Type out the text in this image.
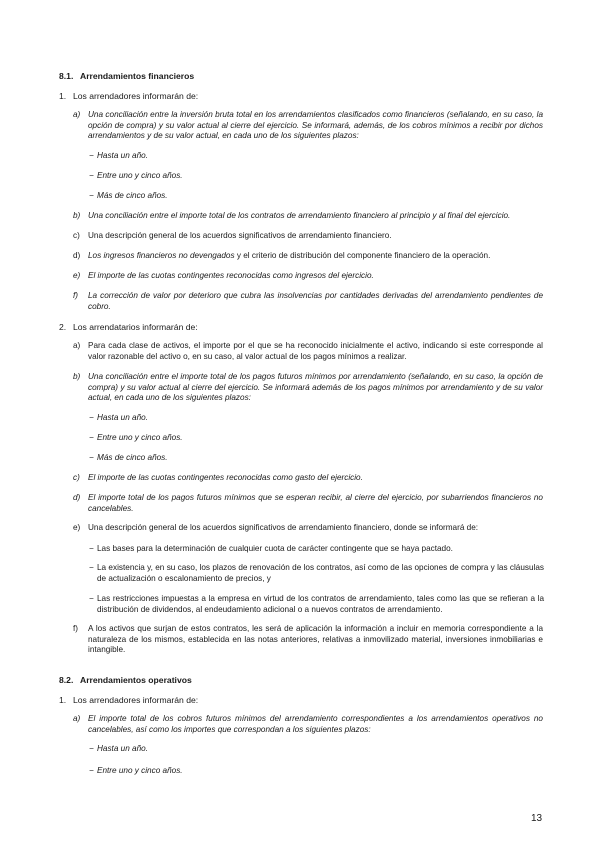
8.1. Arrendamientos financieros
1. Los arrendadores informarán de:
a) Una conciliación entre la inversión bruta total en los arrendamientos clasificados como financieros (señalando, en su caso, la opción de compra) y su valor actual al cierre del ejercicio. Se informará, además, de los cobros mínimos a recibir por dichos arrendamientos y de su valor actual, en cada uno de los siguientes plazos:
− Hasta un año.
− Entre uno y cinco años.
− Más de cinco años.
b) Una conciliación entre el importe total de los contratos de arrendamiento financiero al principio y al final del ejercicio.
c) Una descripción general de los acuerdos significativos de arrendamiento financiero.
d) Los ingresos financieros no devengados y el criterio de distribución del componente financiero de la operación.
e) El importe de las cuotas contingentes reconocidas como ingresos del ejercicio.
f) La corrección de valor por deterioro que cubra las insolvencias por cantidades derivadas del arrendamiento pendientes de cobro.
2. Los arrendatarios informarán de:
a) Para cada clase de activos, el importe por el que se ha reconocido inicialmente el activo, indicando si este corresponde al valor razonable del activo o, en su caso, al valor actual de los pagos mínimos a realizar.
b) Una conciliación entre el importe total de los pagos futuros mínimos por arrendamiento (señalando, en su caso, la opción de compra) y su valor actual al cierre del ejercicio. Se informará además de los pagos mínimos por arrendamiento y de su valor actual, en cada uno de los siguientes plazos:
− Hasta un año.
− Entre uno y cinco años.
− Más de cinco años.
c) El importe de las cuotas contingentes reconocidas como gasto del ejercicio.
d) El importe total de los pagos futuros mínimos que se esperan recibir, al cierre del ejercicio, por subarriendos financieros no cancelables.
e) Una descripción general de los acuerdos significativos de arrendamiento financiero, donde se informará de:
− Las bases para la determinación de cualquier cuota de carácter contingente que se haya pactado.
− La existencia y, en su caso, los plazos de renovación de los contratos, así como de las opciones de compra y las cláusulas de actualización o escalonamiento de precios, y
− Las restricciones impuestas a la empresa en virtud de los contratos de arrendamiento, tales como las que se refieran a la distribución de dividendos, al endeudamiento adicional o a nuevos contratos de arrendamiento.
f) A los activos que surjan de estos contratos, les será de aplicación la información a incluir en memoria correspondiente a la naturaleza de los mismos, establecida en las notas anteriores, relativas a inmovilizado material, inversiones inmobiliarias e intangible.
8.2. Arrendamientos operativos
1. Los arrendadores informarán de:
a) El importe total de los cobros futuros mínimos del arrendamiento correspondientes a los arrendamientos operativos no cancelables, así como los importes que correspondan a los siguientes plazos:
− Hasta un año.
− Entre uno y cinco años.
13
